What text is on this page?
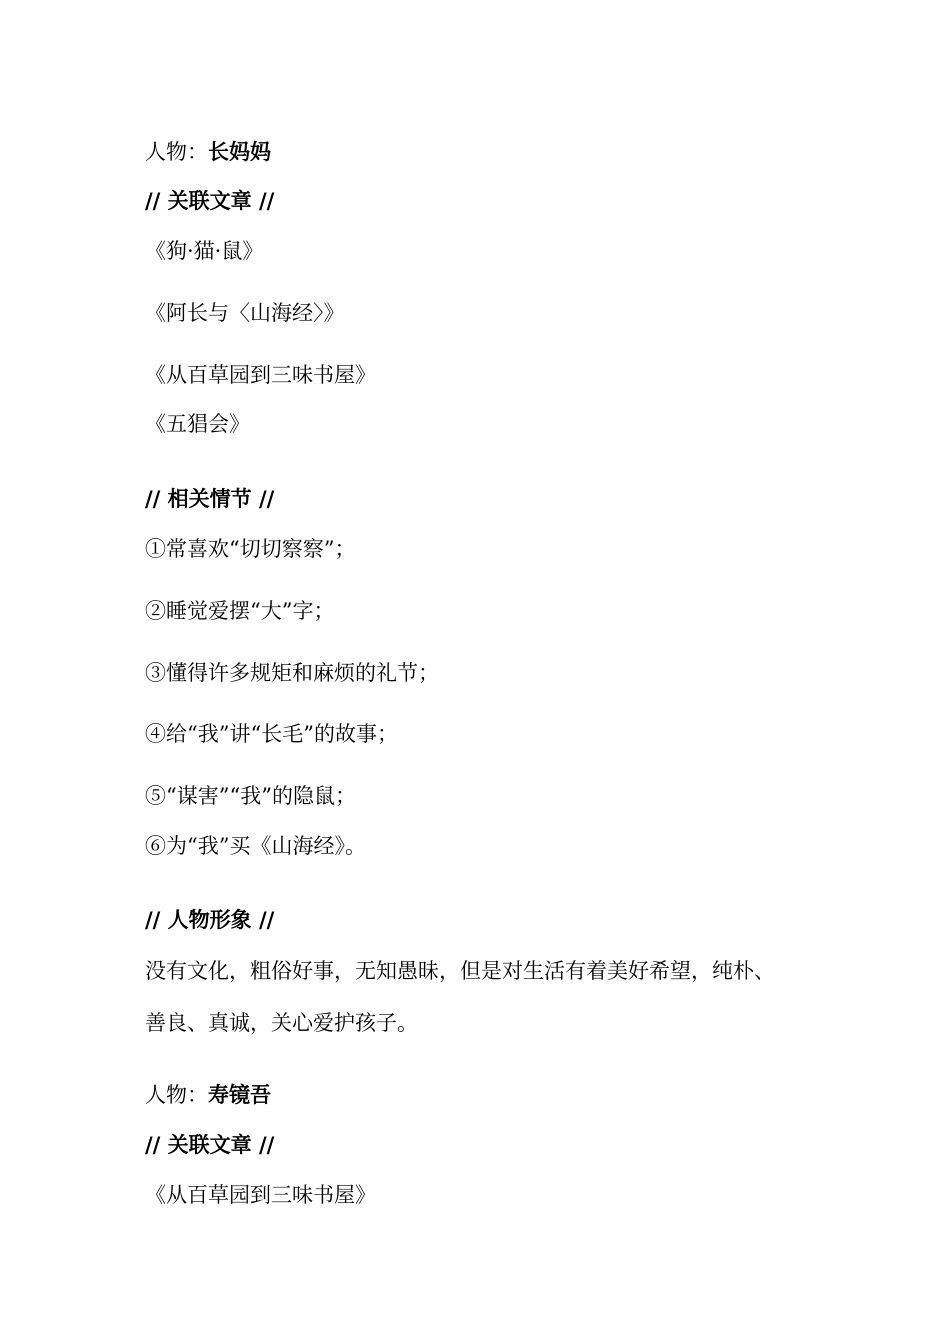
人物：长妈妈
// 关联文章 //
《狗·猫·鼠》
《阿长与〈山海经〉》
《从百草园到三味书屋》
《五猖会》
// 相关情节 //
①常喜欢“切切察察”；
②睡觉爱摆“大”字；
③懂得许多规矩和麻烦的礼节；
④给“我”讲“长毛”的故事；
⑤“谋害”“我”的隐鼠；
⑥为“我”买《山海经》。
// 人物形象 //
没有文化，粗俗好事，无知愚昧，但是对生活有着美好希望，纯朴、
善良、真诚，关心爱护孩子。
人物：寿镜吾
// 关联文章 //
《从百草园到三味书屋》
